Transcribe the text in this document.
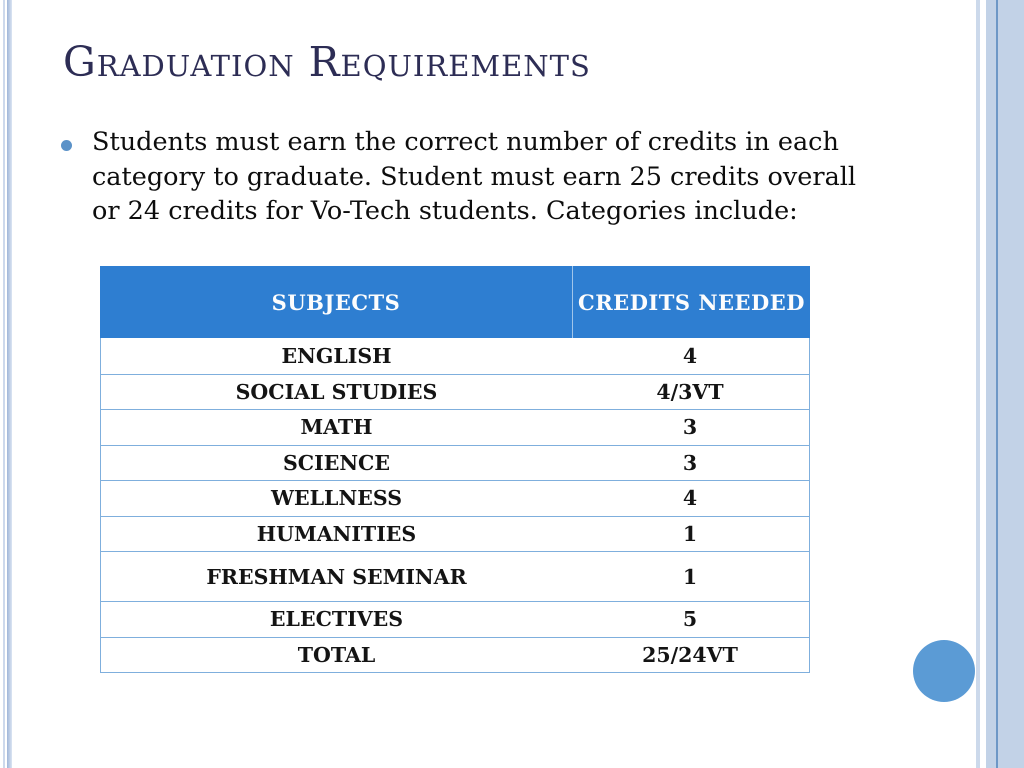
Graduation Requirements
Students must earn the correct number of credits in each
category to graduate. Student must earn 25 credits overall
or 24 credits for Vo-Tech students. Categories include:
SUBJECTS	CREDITS NEEDED
ENGLISH	4
SOCIAL STUDIES	4/3VT
MATH	3
SCIENCE	3
WELLNESS	4
HUMANITIES	1
FRESHMAN SEMINAR	1
ELECTIVES	5
TOTAL	25/24VT
